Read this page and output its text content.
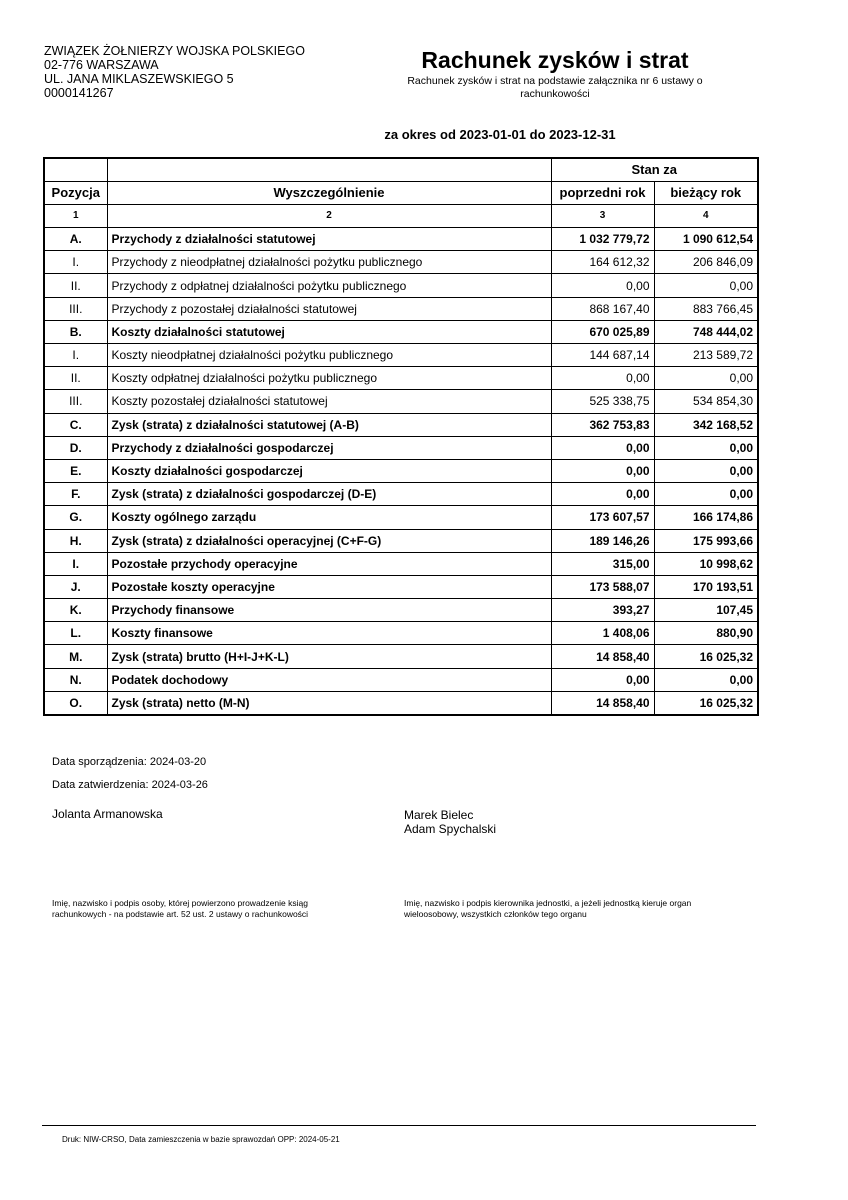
ZWIĄZEK ŻOŁNIERZY WOJSKA POLSKIEGO
02-776 WARSZAWA
UL. JANA MIKLASZEWSKIEGO 5
0000141267
Rachunek zysków i strat
Rachunek zysków i strat na podstawie załącznika nr 6 ustawy o
rachunkowości
za okres od 2023-01-01 do 2023-12-31
		Stan za	
Pozycja	Wyszczególnienie	poprzedni rok	bieżący rok
1	2	3	4
A.	Przychody z działalności statutowej	1 032 779,72	1 090 612,54
I.	Przychody z nieodpłatnej działalności pożytku publicznego	164 612,32	206 846,09
II.	Przychody z odpłatnej działalności pożytku publicznego	0,00	0,00
III.	Przychody z pozostałej działalności statutowej	868 167,40	883 766,45
B.	Koszty działalności statutowej	670 025,89	748 444,02
I.	Koszty nieodpłatnej działalności pożytku publicznego	144 687,14	213 589,72
II.	Koszty odpłatnej działalności pożytku publicznego	0,00	0,00
III.	Koszty pozostałej działalności statutowej	525 338,75	534 854,30
C.	Zysk (strata) z działalności statutowej (A-B)	362 753,83	342 168,52
D.	Przychody z działalności gospodarczej	0,00	0,00
E.	Koszty działalności gospodarczej	0,00	0,00
F.	Zysk (strata) z działalności gospodarczej (D-E)	0,00	0,00
G.	Koszty ogólnego zarządu	173 607,57	166 174,86
H.	Zysk (strata) z działalności operacyjnej (C+F-G)	189 146,26	175 993,66
I.	Pozostałe przychody operacyjne	315,00	10 998,62
J.	Pozostałe koszty operacyjne	173 588,07	170 193,51
K.	Przychody finansowe	393,27	107,45
L.	Koszty finansowe	1 408,06	880,90
M.	Zysk (strata) brutto (H+I-J+K-L)	14 858,40	16 025,32
N.	Podatek dochodowy	0,00	0,00
O.	Zysk (strata) netto (M-N)	14 858,40	16 025,32
Data sporządzenia: 2024-03-20
Data zatwierdzenia: 2024-03-26
Jolanta Armanowska	Marek Bielec
Adam Spychalski
Imię, nazwisko i podpis osoby, której powierzono prowadzenie ksiąg
rachunkowych - na podstawie art. 52 ust. 2 ustawy o rachunkowości
Imię, nazwisko i podpis kierownika jednostki, a jeżeli jednostką kieruje organ
wieloosobowy, wszystkich członków tego organu
Druk: NIW-CRSO, Data zamieszczenia w bazie sprawozdań OPP: 2024-05-21
